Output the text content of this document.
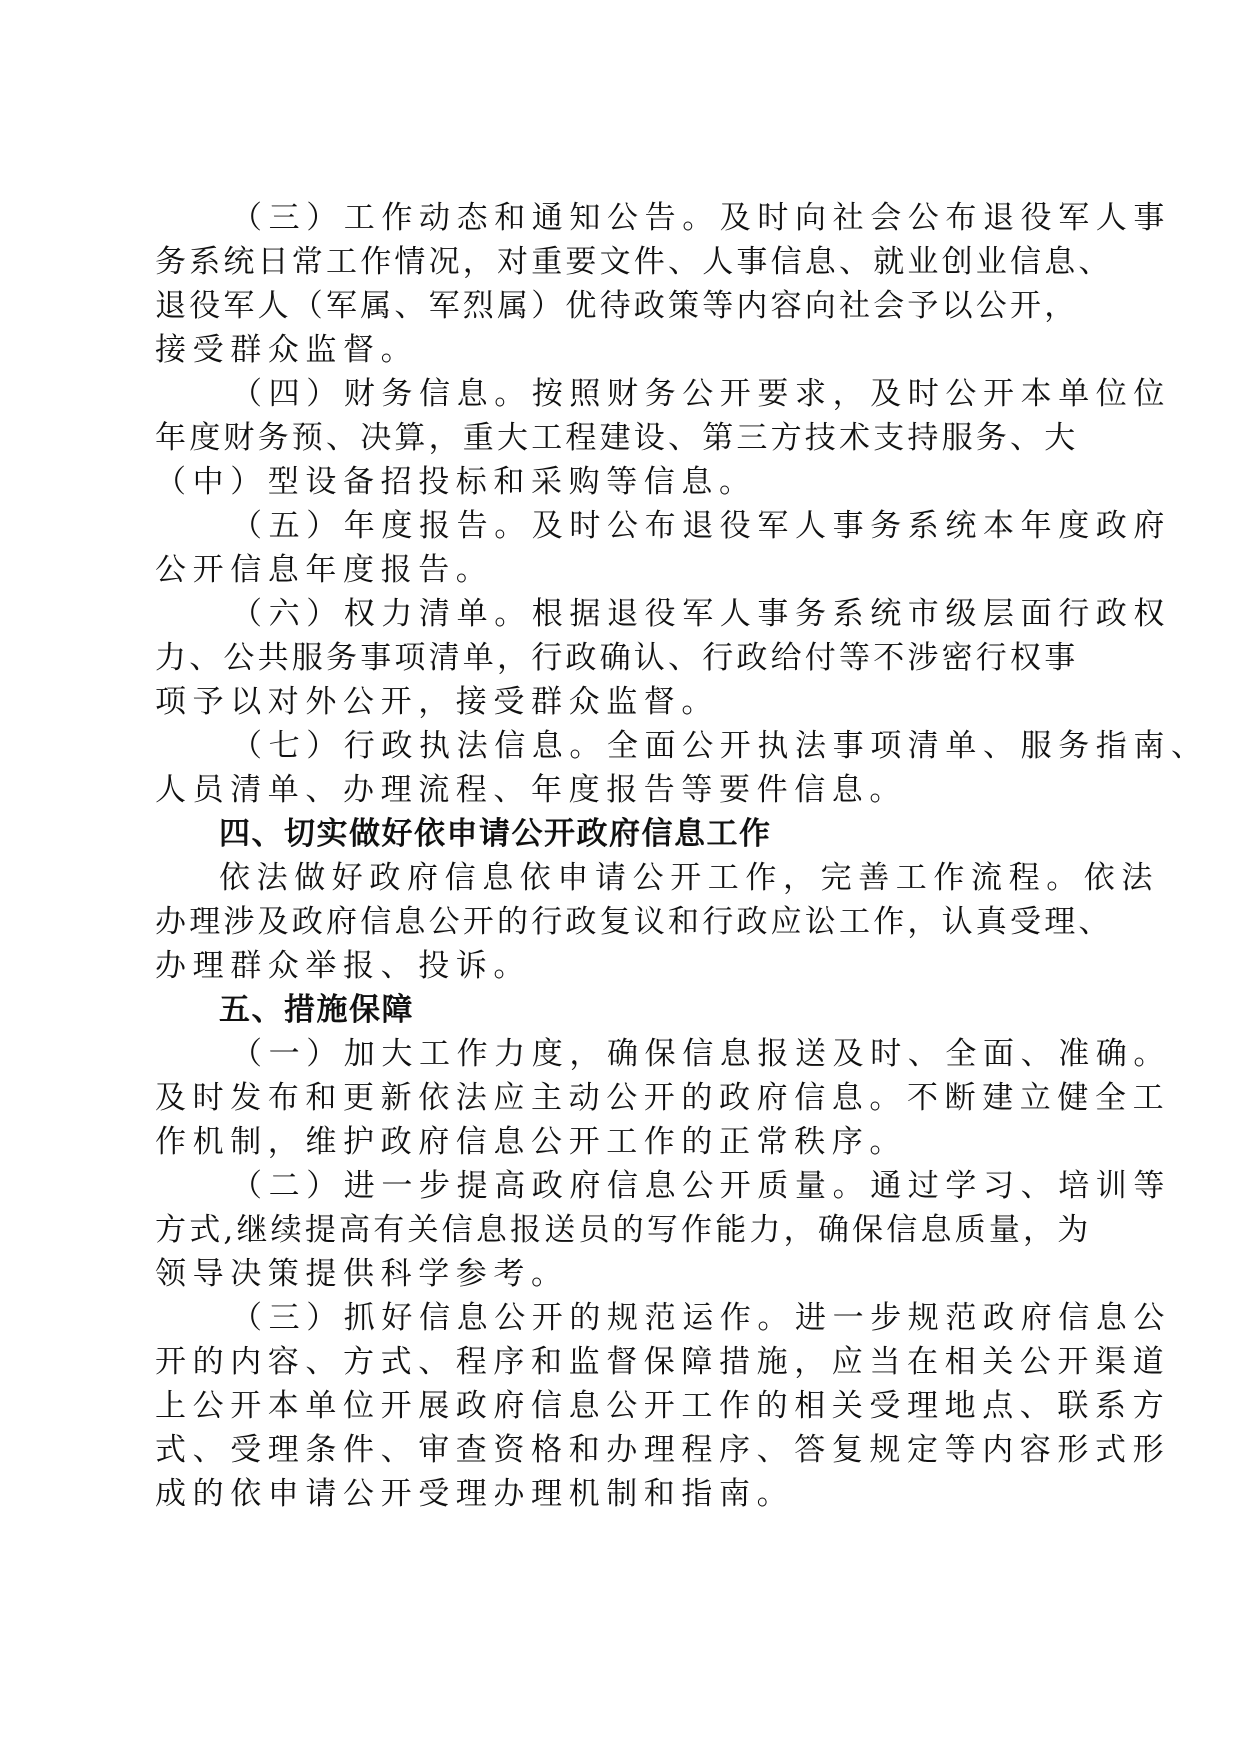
（三）工作动态和通知公告。及时向社会公布退役军人事
务系统日常工作情况，对重要文件、人事信息、就业创业信息、
退役军人（军属、军烈属）优待政策等内容向社会予以公开，
接受群众监督。
（四）财务信息。按照财务公开要求，及时公开本单位位
年度财务预、决算，重大工程建设、第三方技术支持服务、大
（中）型设备招投标和采购等信息。
（五）年度报告。及时公布退役军人事务系统本年度政府
公开信息年度报告。
（六）权力清单。根据退役军人事务系统市级层面行政权
力、公共服务事项清单，行政确认、行政给付等不涉密行权事
项予以对外公开，接受群众监督。
（七）行政执法信息。全面公开执法事项清单、服务指南、
人员清单、办理流程、年度报告等要件信息。
四、切实做好依申请公开政府信息工作
依法做好政府信息依申请公开工作，完善工作流程。依法
办理涉及政府信息公开的行政复议和行政应讼工作，认真受理、
办理群众举报、投诉。
五、措施保障
（一）加大工作力度，确保信息报送及时、全面、准确。
及时发布和更新依法应主动公开的政府信息。不断建立健全工
作机制，维护政府信息公开工作的正常秩序。
（二）进一步提高政府信息公开质量。通过学习、培训等
方式,继续提高有关信息报送员的写作能力，确保信息质量，为
领导决策提供科学参考。
（三）抓好信息公开的规范运作。进一步规范政府信息公
开的内容、方式、程序和监督保障措施，应当在相关公开渠道
上公开本单位开展政府信息公开工作的相关受理地点、联系方
式、受理条件、审查资格和办理程序、答复规定等内容形式形
成的依申请公开受理办理机制和指南。
